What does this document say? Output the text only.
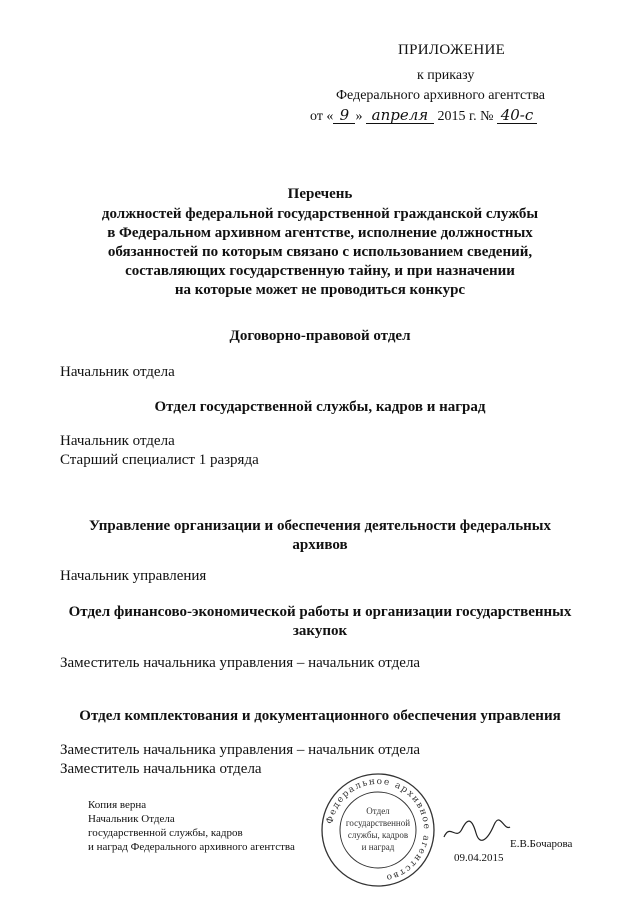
ПРИЛОЖЕНИЕ
к приказу
Федерального архивного агентства
от « 9 » апреля 2015 г. № 40-с
Перечень
должностей федеральной государственной гражданской службы
в Федеральном архивном агентстве, исполнение должностных
обязанностей по которым связано с использованием сведений,
составляющих государственную тайну, и при назначении
на которые может не проводиться конкурс
Договорно-правовой отдел
Начальник отдела
Отдел государственной службы, кадров и наград
Начальник отдела
Старший специалист 1 разряда
Управление организации и обеспечения деятельности федеральных
архивов
Начальник управления
Отдел финансово-экономической работы и организации государственных
закупок
Заместитель начальника управления – начальник отдела
Отдел комплектования и документационного обеспечения управления
Заместитель начальника управления – начальник отдела
Заместитель начальника отдела
Копия верна
Начальник Отдела
государственной службы, кадров
и наград Федерального архивного агентства
Федеральное архивное агентство
Отдел
государственной
службы, кадров
и наград	Е.В.Бочарова
09.04.2015
